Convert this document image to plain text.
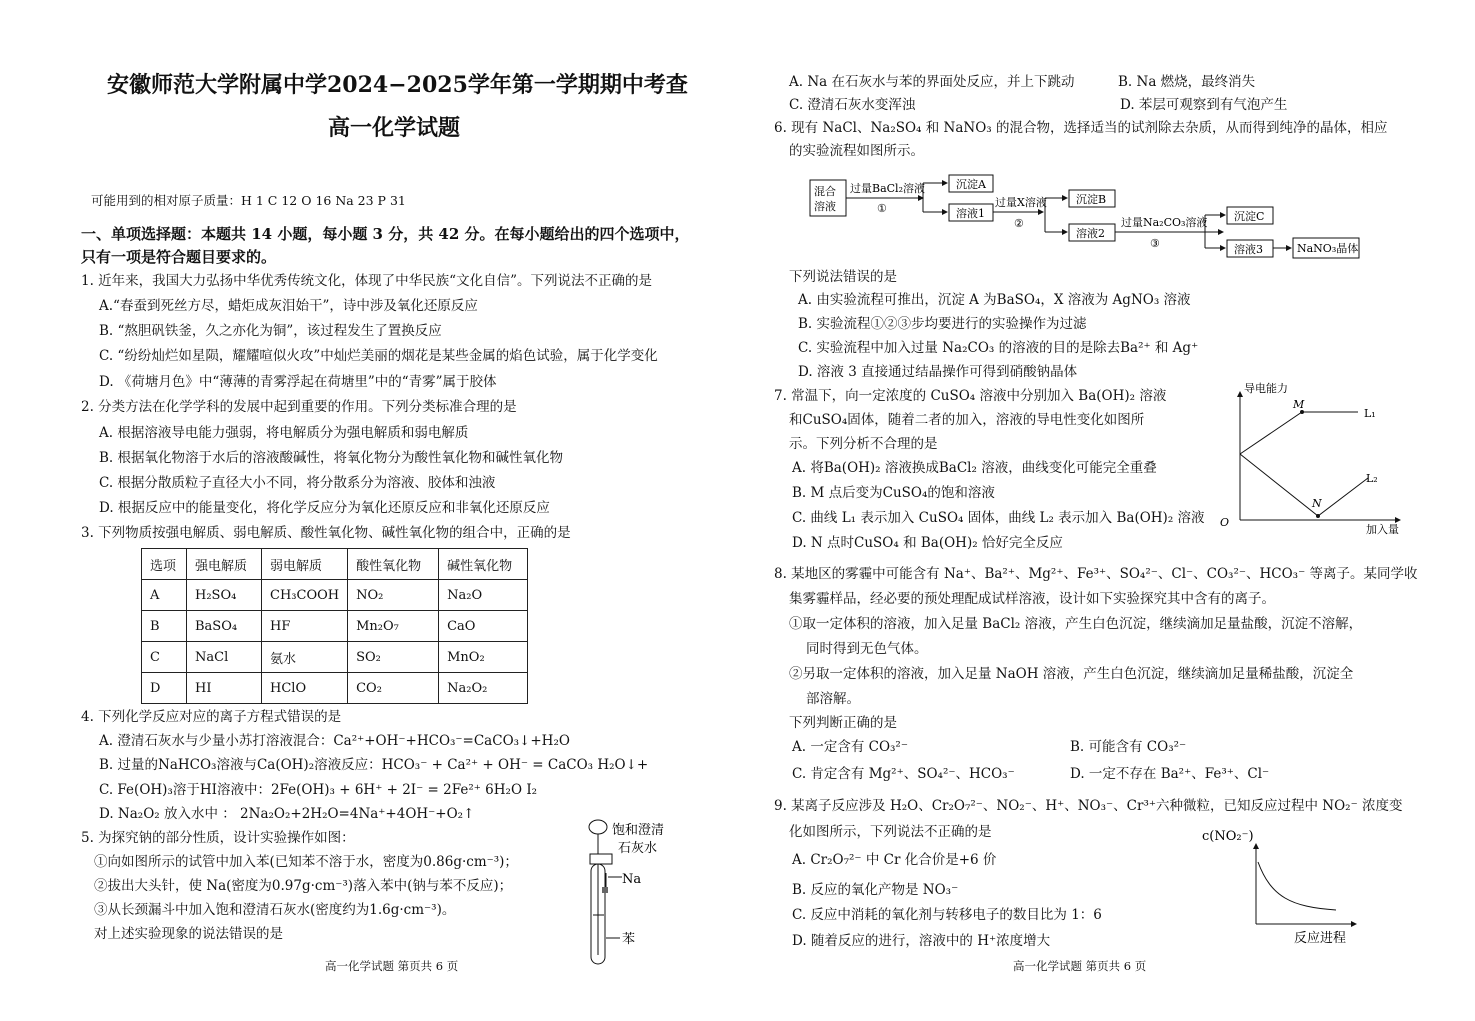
安徽师范大学附属中学2024−2025学年第一学期期中考查
高一化学试题
可能用到的相对原子质量：H 1 C 12 O 16 Na 23 P 31
一、单项选择题：本题共 14 小题，每小题 3 分，共 42 分。在每小题给出的四个选项中，
只有一项是符合题目要求的。
1. 近年来，我国大力弘扬中华优秀传统文化，体现了中华民族“文化自信”。下列说法不正确的是
A.“春蚕到死丝方尽，蜡炬成灰泪始干”，诗中涉及氧化还原反应
B. “熬胆矾铁釜，久之亦化为铜”，该过程发生了置换反应
C. “纷纷灿烂如星陨，耀耀喧似火攻”中灿烂美丽的烟花是某些金属的焰色试验，属于化学变化
D. 《荷塘月色》中“薄薄的青雾浮起在荷塘里”中的“青雾”属于胶体
2. 分类方法在化学学科的发展中起到重要的作用。下列分类标准合理的是
A. 根据溶液导电能力强弱，将电解质分为强电解质和弱电解质
B. 根据氧化物溶于水后的溶液酸碱性，将氧化物分为酸性氧化物和碱性氧化物
C. 根据分散质粒子直径大小不同，将分散系分为溶液、胶体和浊液
D. 根据反应中的能量变化，将化学反应分为氧化还原反应和非氧化还原反应
3. 下列物质按强电解质、弱电解质、酸性氧化物、碱性氧化物的组合中，正确的是
选项	强电解质	弱电解质	酸性氧化物	碱性氧化物
A	H₂SO₄	CH₃COOH	NO₂	Na₂O
B	BaSO₄	HF	Mn₂O₇	CaO
C	NaCl	氨水	SO₂	MnO₂
D	HI	HClO	CO₂	Na₂O₂
4. 下列化学反应对应的离子方程式错误的是
A. 澄清石灰水与少量小苏打溶液混合：Ca²⁺+OH⁻+HCO₃⁻=CaCO₃↓+H₂O
B. 过量的NaHCO₃溶液与Ca(OH)₂溶液反应：HCO₃⁻ + Ca²⁺ + OH⁻ = CaCO₃ H₂O↓+
C. Fe(OH)₃溶于HI溶液中：2Fe(OH)₃ + 6H⁺ + 2I⁻ = 2Fe²⁺ 6H₂O I₂
D. Na₂O₂ 放入水中 ： 2Na₂O₂+2H₂O=4Na⁺+4OH⁻+O₂↑
5. 为探究钠的部分性质，设计实验操作如图：
①向如图所示的试管中加入苯(已知苯不溶于水，密度为0.86g·cm⁻³)；
②拔出大头针，使 Na(密度为0.97g·cm⁻³)落入苯中(钠与苯不反应)；
③从长颈漏斗中加入饱和澄清石灰水(密度约为1.6g·cm⁻³)。
对上述实验现象的说法错误的是
饱和澄清
石灰水
Na
苯
高一化学试题 第页共 6 页
A. Na 在石灰水与苯的界面处反应，并上下跳动	B. Na 燃烧，最终消失
C. 澄清石灰水变浑浊	D. 苯层可观察到有气泡产生
6. 现有 NaCl、Na₂SO₄ 和 NaNO₃ 的混合物，选择适当的试剂除去杂质，从而得到纯净的晶体，相应
的实验流程如图所示。
混合
溶液
过量BaCl₂溶液
①
沉淀A
溶液1
过量X溶液
②
沉淀B
溶液2
过量Na₂CO₃溶液
③
沉淀C
溶液3	NaNO₃晶体
下列说法错误的是
A. 由实验流程可推出，沉淀 A 为BaSO₄，X 溶液为 AgNO₃ 溶液
B. 实验流程①②③步均要进行的实验操作为过滤
C. 实验流程中加入过量 Na₂CO₃ 的溶液的目的是除去Ba²⁺ 和 Ag⁺
D. 溶液 3 直接通过结晶操作可得到硝酸钠晶体
7. 常温下，向一定浓度的 CuSO₄ 溶液中分别加入 Ba(OH)₂ 溶液
和CuSO₄固体，随着二者的加入，溶液的导电性变化如图所
示。下列分析不合理的是
A. 将Ba(OH)₂ 溶液换成BaCl₂ 溶液，曲线变化可能完全重叠
B. M 点后变为CuSO₄的饱和溶液
C. 曲线 L₁ 表示加入 CuSO₄ 固体，曲线 L₂ 表示加入 Ba(OH)₂ 溶液
D. N 点时CuSO₄ 和 Ba(OH)₂ 恰好完全反应
导电能力
加入量
O
M
N
L₁
L₂
8. 某地区的雾霾中可能含有 Na⁺、Ba²⁺、Mg²⁺、Fe³⁺、SO₄²⁻、Cl⁻、CO₃²⁻、HCO₃⁻ 等离子。某同学收
集雾霾样品，经必要的预处理配成试样溶液，设计如下实验探究其中含有的离子。
①取一定体积的溶液，加入足量 BaCl₂ 溶液，产生白色沉淀，继续滴加足量盐酸，沉淀不溶解，
同时得到无色气体。
②另取一定体积的溶液，加入足量 NaOH 溶液，产生白色沉淀，继续滴加足量稀盐酸，沉淀全
部溶解。
下列判断正确的是
A. 一定含有 CO₃²⁻	B. 可能含有 CO₃²⁻
C. 肯定含有 Mg²⁺、SO₄²⁻、HCO₃⁻	D. 一定不存在 Ba²⁺、Fe³⁺、Cl⁻
9. 某离子反应涉及 H₂O、Cr₂O₇²⁻、NO₂⁻、H⁺、NO₃⁻、Cr³⁺六种微粒，已知反应过程中 NO₂⁻ 浓度变
化如图所示，下列说法不正确的是
A. Cr₂O₇²⁻ 中 Cr 化合价是+6 价
B. 反应的氧化产物是 NO₃⁻
C. 反应中消耗的氧化剂与转移电子的数目比为 1：6
D. 随着反应的进行，溶液中的 H⁺浓度增大
c(NO₂⁻)
反应进程
高一化学试题 第页共 6 页
